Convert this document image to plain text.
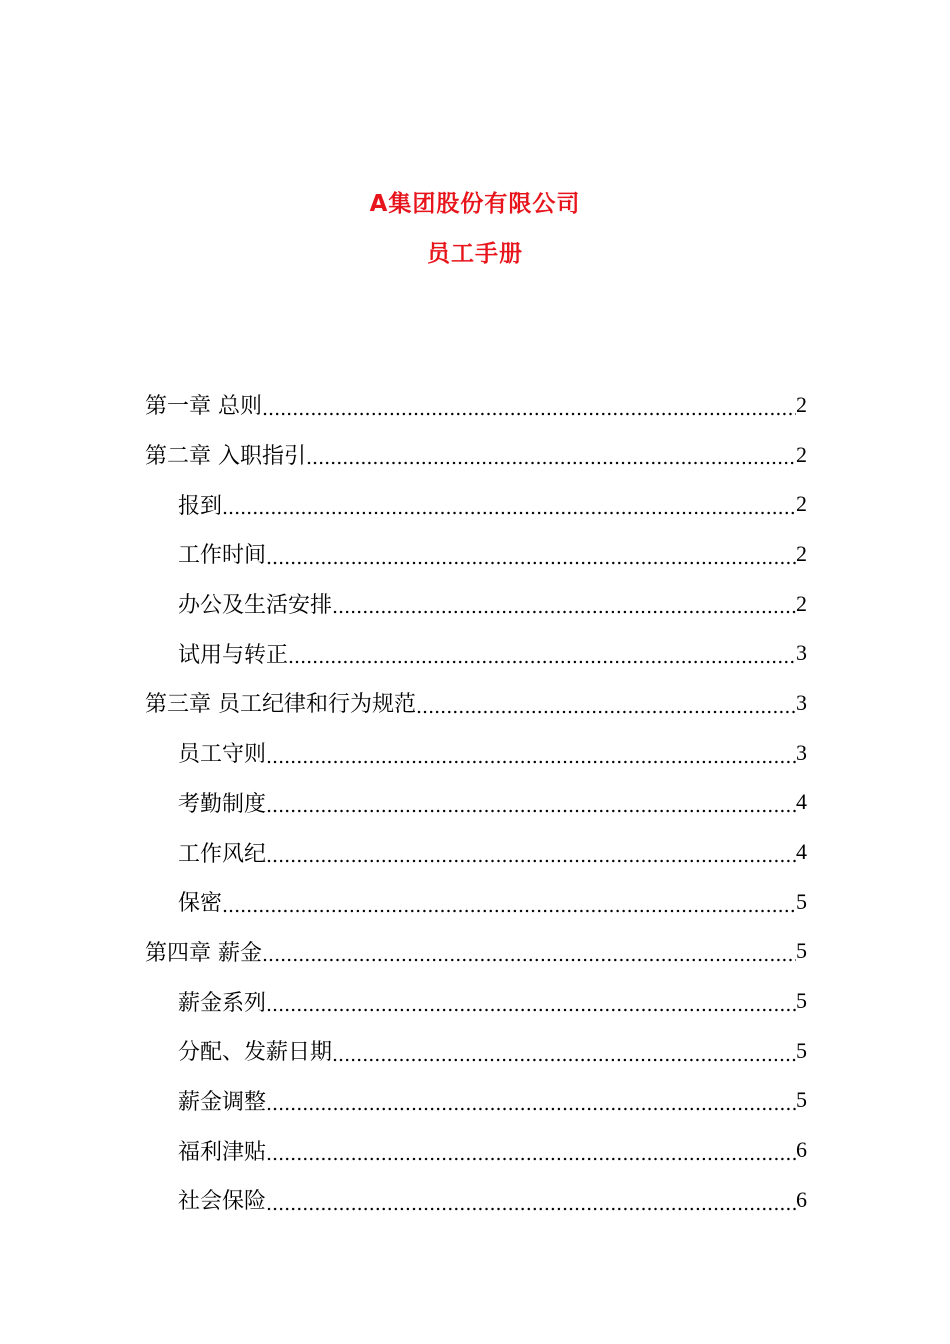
A集团股份有限公司
员工手册
第一章 总则 .....	2
第二章 入职指引 .....	2
报到 .....	2
工作时间 .....	2
办公及生活安排 .....	2
试用与转正 .....	3
第三章 员工纪律和行为规范 .....	3
员工守则 .....	3
考勤制度 .....	4
工作风纪 .....	4
保密 .....	5
第四章 薪金 .....	5
薪金系列 .....	5
分配、发薪日期 .....	5
薪金调整 .....	5
福利津贴 .....	6
社会保险 .....	6
